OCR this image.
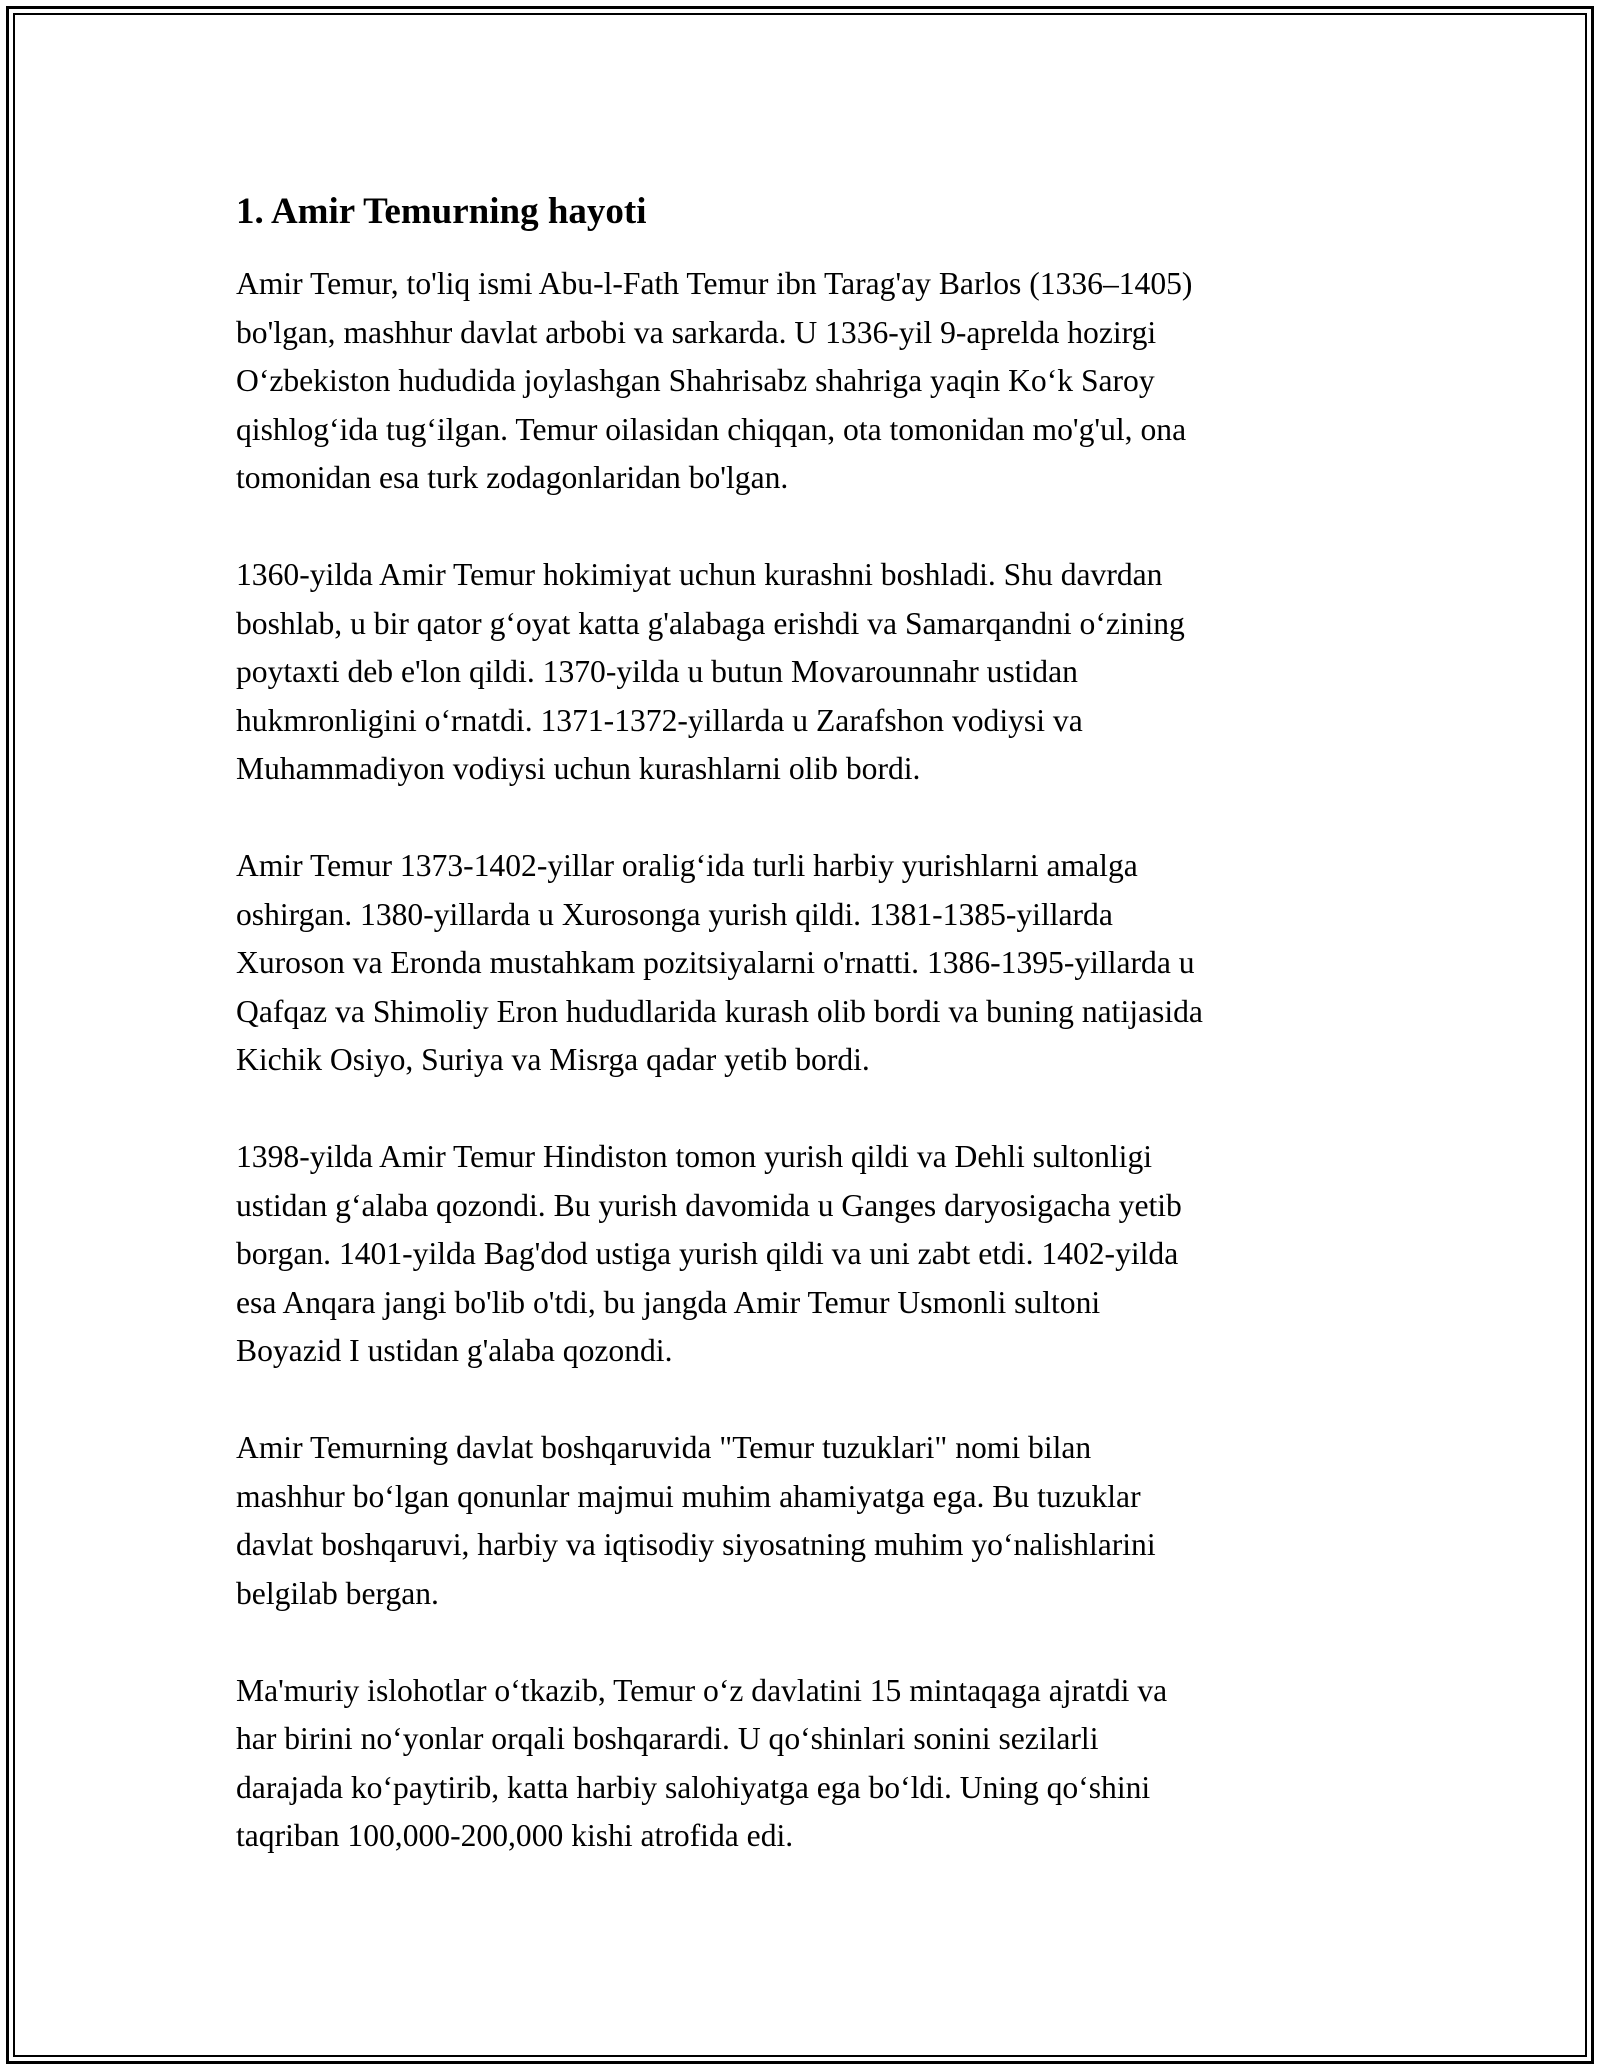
1. Amir Temurning hayoti

Amir Temur, to'liq ismi Abu-l-Fath Temur ibn Tarag'ay Barlos (1336–1405)
bo'lgan, mashhur davlat arbobi va sarkarda. U 1336-yil 9-aprelda hozirgi
O‘zbekiston hududida joylashgan Shahrisabz shahriga yaqin Ko‘k Saroy
qishlog‘ida tug‘ilgan. Temur oilasidan chiqqan, ota tomonidan mo'g'ul, ona
tomonidan esa turk zodagonlaridan bo'lgan.

1360-yilda Amir Temur hokimiyat uchun kurashni boshladi. Shu davrdan
boshlab, u bir qator g‘oyat katta g'alabaga erishdi va Samarqandni o‘zining
poytaxti deb e'lon qildi. 1370-yilda u butun Movarounnahr ustidan
hukmronligini o‘rnatdi. 1371-1372-yillarda u Zarafshon vodiysi va
Muhammadiyon vodiysi uchun kurashlarni olib bordi.

Amir Temur 1373-1402-yillar oralig‘ida turli harbiy yurishlarni amalga
oshirgan. 1380-yillarda u Xurosonga yurish qildi. 1381-1385-yillarda
Xuroson va Eronda mustahkam pozitsiyalarni o'rnatti. 1386-1395-yillarda u
Qafqaz va Shimoliy Eron hududlarida kurash olib bordi va buning natijasida
Kichik Osiyo, Suriya va Misrga qadar yetib bordi.

1398-yilda Amir Temur Hindiston tomon yurish qildi va Dehli sultonligi
ustidan g‘alaba qozondi. Bu yurish davomida u Ganges daryosigacha yetib
borgan. 1401-yilda Bag'dod ustiga yurish qildi va uni zabt etdi. 1402-yilda
esa Anqara jangi bo'lib o'tdi, bu jangda Amir Temur Usmonli sultoni
Boyazid I ustidan g'alaba qozondi.

Amir Temurning davlat boshqaruvida "Temur tuzuklari" nomi bilan
mashhur bo‘lgan qonunlar majmui muhim ahamiyatga ega. Bu tuzuklar
davlat boshqaruvi, harbiy va iqtisodiy siyosatning muhim yo‘nalishlarini
belgilab bergan.

Ma'muriy islohotlar o‘tkazib, Temur o‘z davlatini 15 mintaqaga ajratdi va
har birini no‘yonlar orqali boshqarardi. U qo‘shinlari sonini sezilarli
darajada ko‘paytirib, katta harbiy salohiyatga ega bo‘ldi. Uning qo‘shini
taqriban 100,000-200,000 kishi atrofida edi.
